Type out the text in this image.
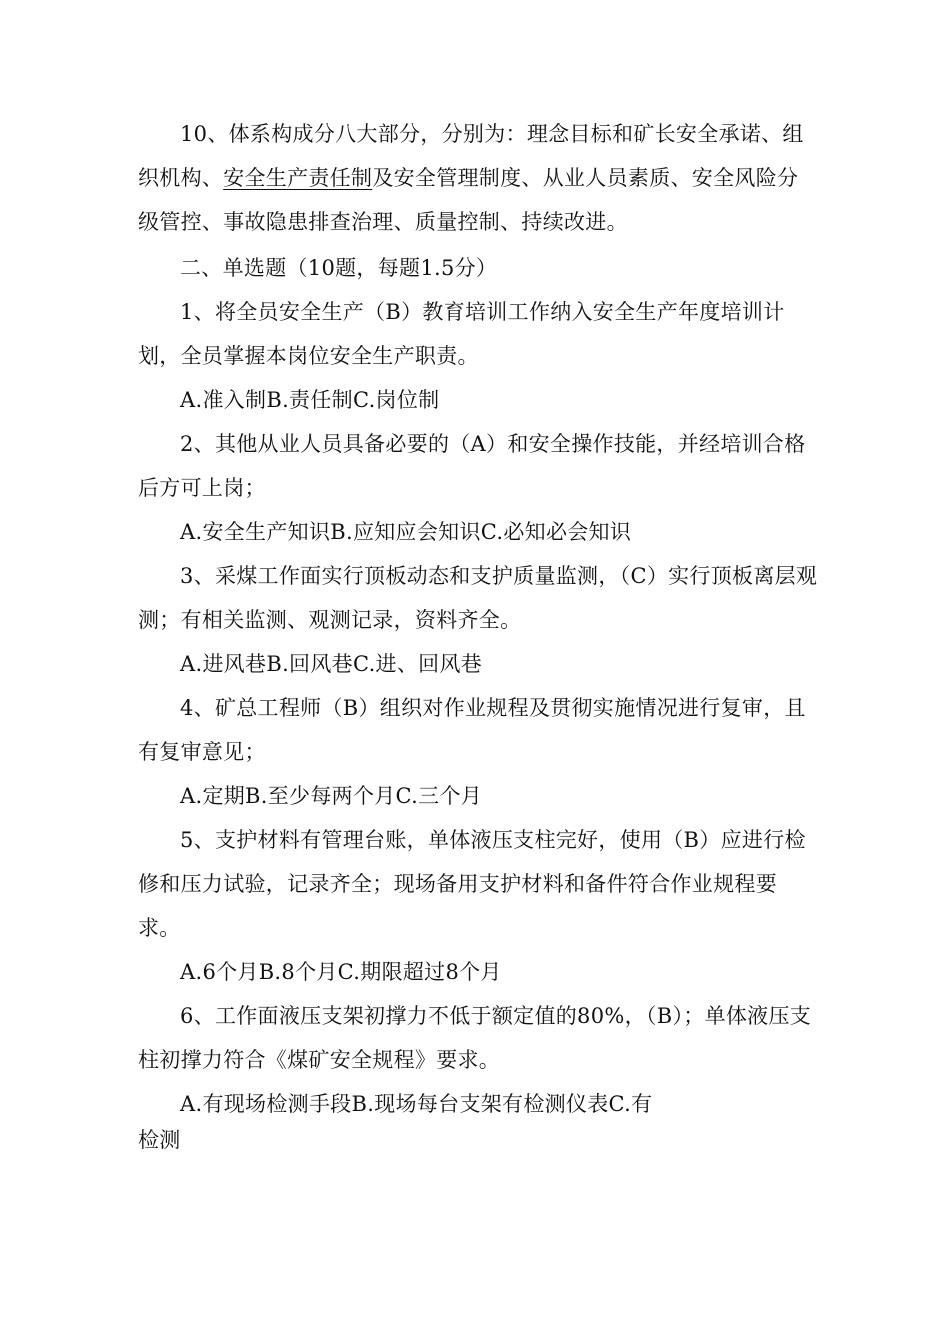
10、体系构成分八大部分，分别为：理念目标和矿长安全承诺、组织机构、安全生产责任制及安全管理制度、从业人员素质、安全风险分级管控、事故隐患排查治理、质量控制、持续改进。

二、单选题（10题，每题1.5分）

1、将全员安全生产（B）教育培训工作纳入安全生产年度培训计划，全员掌握本岗位安全生产职责。

A.准入制B.责任制C.岗位制

2、其他从业人员具备必要的（A）和安全操作技能，并经培训合格后方可上岗；

A.安全生产知识B.应知应会知识C.必知必会知识

3、采煤工作面实行顶板动态和支护质量监测，（C）实行顶板离层观测；有相关监测、观测记录，资料齐全。

A.进风巷B.回风巷C.进、回风巷

4、矿总工程师（B）组织对作业规程及贯彻实施情况进行复审，且有复审意见；

A.定期B.至少每两个月C.三个月

5、支护材料有管理台账，单体液压支柱完好，使用（B）应进行检修和压力试验，记录齐全；现场备用支护材料和备件符合作业规程要求。

A.6个月B.8个月C.期限超过8个月

6、工作面液压支架初撑力不低于额定值的80%，（B）；单体液压支柱初撑力符合《煤矿安全规程》要求。

A.有现场检测手段B.现场每台支架有检测仪表C.有

检测
